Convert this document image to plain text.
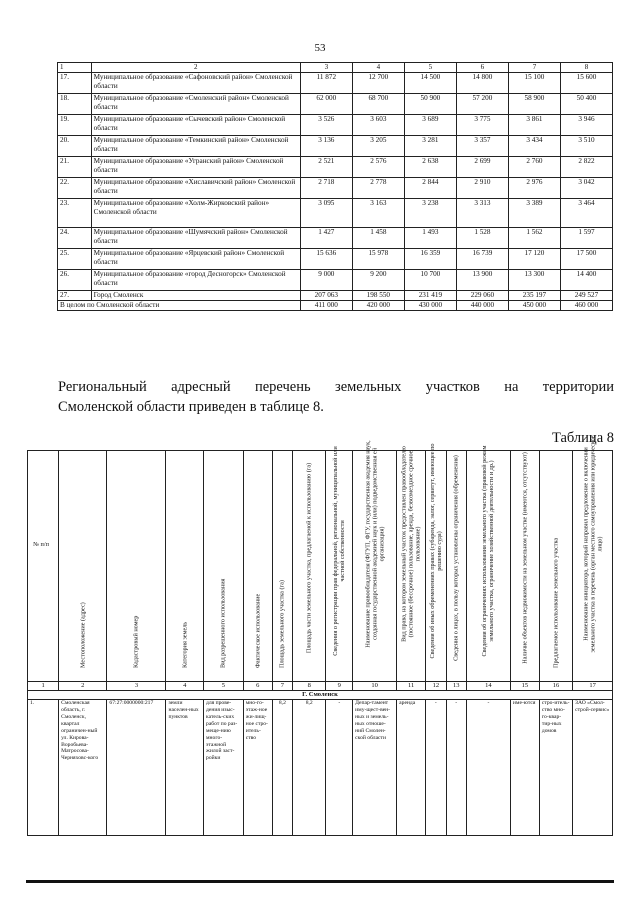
53
1	2	3	4	5	6	7	8
17.	Муниципальное образование «Сафоновский район» Смоленской области	11 872	12 700	14 500	14 800	15 100	15 600
18.	Муниципальное образование «Смоленский район» Смоленской области	62 000	68 700	50 900	57 200	58 900	50 400
19.	Муниципальное образование «Сычевский район» Смоленской области	3 526	3 603	3 689	3 775	3 861	3 946
20.	Муниципальное образование «Темкинский район» Смоленской области	3 136	3 205	3 281	3 357	3 434	3 510
21.	Муниципальное образование «Угранский район» Смоленской области	2 521	2 576	2 638	2 699	2 760	2 822
22.	Муниципальное образование «Хиславичский район» Смоленской области	2 718	2 778	2 844	2 910	2 976	3 042
23.	Муниципальное образование «Холм-Жирковский район» Смоленской области	3 095	3 163	3 238	3 313	3 389	3 464
24.	Муниципальное образование «Шумячский район» Смоленской области	1 427	1 458	1 493	1 528	1 562	1 597
25.	Муниципальное образование «Ярцевский район» Смоленской области	15 636	15 978	16 359	16 739	17 120	17 500
26.	Муниципальное образование «город Десногорск» Смоленской области	9 000	9 200	10 700	13 900	13 300	14 400
27.	Город Смоленск	207 063	198 550	231 419	229 060	235 197	249 527
В целом по Смоленской области		411 000	420 000	430 000	440 000	450 000	460 000
Региональный адресный перечень земельных участков на территории
Смоленской области приведен в таблице 8.
Таблица 8
№ п/п	Местоположение (адрес)	Кадастровый номер	Категория земель	Вид разрешенного использования	Фактическое использование	Площадь земельного участка (га)	Площадь части земельного участка, предлагаемой к использованию (га)	Сведения о регистрации прав федеральной, региональной, муниципальной или частной собственности	Наименование правообладателя (ФГУП, ФГУ, государственная академия наук, созданная государственной академией наук и (или) подведомственная ей организация)	Вид права, на котором земельный участок предоставлен правообладателю (постоянное (бессрочное) пользование, аренда, безвозмездное срочное пользование)	Сведения об иных обременениях правах (субаренда, залог, сервитут, имеющее по решению суда)	Сведения о лицах, в пользу которых установлены ограничения (обременения)	Сведения об ограничениях использования земельного участка (правовой режим земельного участка, ограничение хозяйственной деятельности и др.)	Наличие объектов недвижимости на земельном участке (имеются, отсутствуют)	Предлагаемое использование земельного участка	Наименование инициатора, который направил предложение о включении земельного участка в перечень (орган местного самоуправления или юридическое лицо)

1	2	3	4	5	6	7	8	9	10	11	12	13	14	15	16	17
Г. Смоленск																
1.	Смоленская область, г. Смоленск, квартал ограничен-ный ул. Кирова-Воробьева-Матросова-Черняховс-кого	67:27:0000000:217	земли населен-ных пунктов	для прове-дения изыс-катель-ских работ по раз-меще-нию много-этажной жилой заст-ройки	мно-го-этаж-ное жи-лищ-ное стро-итель-ство	8,2	8,2	-	Депар-тамент иму-щест-вен-ных и земель-ных отноше-ний Смолен-ской области	аренда	-	-	-	име-ются	стро-итель-ство мно-го-квар-тир-ных домов	ЗАО «Смол-строй-сервис»
